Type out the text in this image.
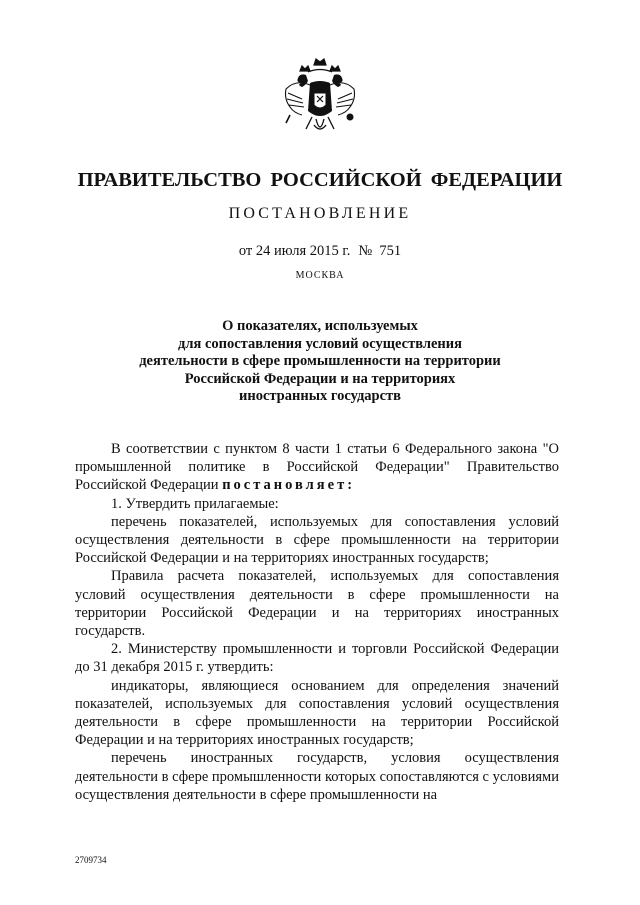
ПРАВИТЕЛЬСТВО РОССИЙСКОЙ ФЕДЕРАЦИИ
ПОСТАНОВЛЕНИЕ
от 24 июля 2015 г. № 751
МОСКВА
О показателях, используемых
для сопоставления условий осуществления
деятельности в сфере промышленности на территории
Российской Федерации и на территориях
иностранных государств

В соответствии с пунктом 8 части 1 статьи 6 Федерального закона "О промышленной политике в Российской Федерации" Правительство Российской Федерации постановляет:

1. Утвердить прилагаемые:

перечень показателей, используемых для сопоставления условий осуществления деятельности в сфере промышленности на территории Российской Федерации и на территориях иностранных государств;

Правила расчета показателей, используемых для сопоставления условий осуществления деятельности в сфере промышленности на территории Российской Федерации и на территориях иностранных государств.

2. Министерству промышленности и торговли Российской Федерации до 31 декабря 2015 г. утвердить:

индикаторы, являющиеся основанием для определения значений показателей, используемых для сопоставления условий осуществления деятельности в сфере промышленности на территории Российской Федерации и на территориях иностранных государств;

перечень иностранных государств, условия осуществления деятельности в сфере промышленности которых сопоставляются с условиями осуществления деятельности в сфере промышленности на

2709734
